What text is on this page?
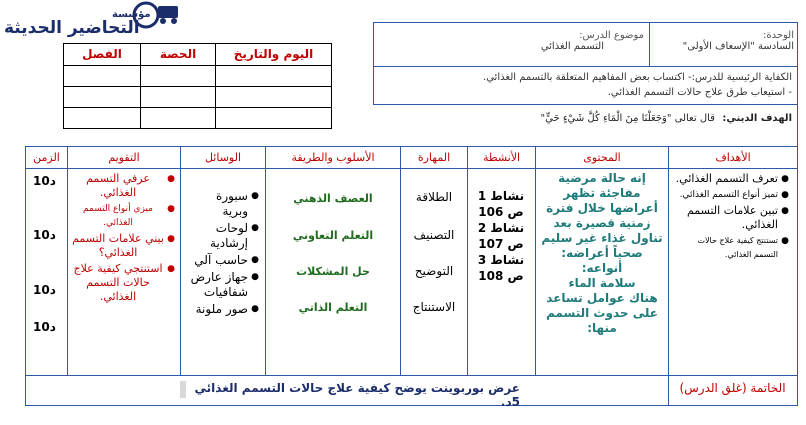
مؤسسة
التحاضير الحديثة
اليوم والتاريخ
الحصة
الفصل
الوحدة:
السادسة "الإسعاف الأولى"
موضوع الدرس:
التسمم الغذائي
الكفاية الرئيسية للدرس:- اكتساب بعض المفاهيم المتعلقة بالتسمم الغذائي.
- استيعاب طرق علاج حالات التسمم الغذائي.
الهدف الديني: قال تعالى "وَجَعَلْنَا مِنَ الْمَاءِ كُلَّ شَيْءٍ حَيٍّ"
الأهداف
المحتوى
الأنشطة
المهارة
الأسلوب والطريقة
الوسائل
التقويم
الزمن
● تعرف التسمم الغذائي.
● تميز أنواع التسمم الغذائي.
● تبين علامات التسمم الغذائي.
● تستنتج كيفية علاج حالات التسمم الغذائي.
إنه حالة مرضية مفاجئة تظهر أعراضها خلال فترة زمنية قصيرة بعد تناول غذاء غير سليم صحياً أعراضه:
أنواعه:
سلامة الماء
هناك عوامل تساعد على حدوث التسمم منها:
نشاط 1
ص 106
نشاط 2
ص 107
نشاط 3
ص 108
الطلاقة
التصنيف
التوضيح
الاستنتاج
العصف الذهني
التعلم التعاوني
حل المشكلات
التعلم الذاتي
● سبورة وبرية
● لوحات إرشادية
● حاسب آلي
● جهاز عارض شفافيات
● صور ملونة
● عرفي التسمم الغذائي.
● ميزي أنواع التسمم الغذائي.
● بيني علامات التسمم الغذائي؟
● استنتجي كيفية علاج حالات التسمم الغذائي.
10د
10د
10د
10د
الخاتمة (غلق الدرس)
عرض بوربوينت يوضح كيفية علاج حالات التسمم الغذائي 5د.
